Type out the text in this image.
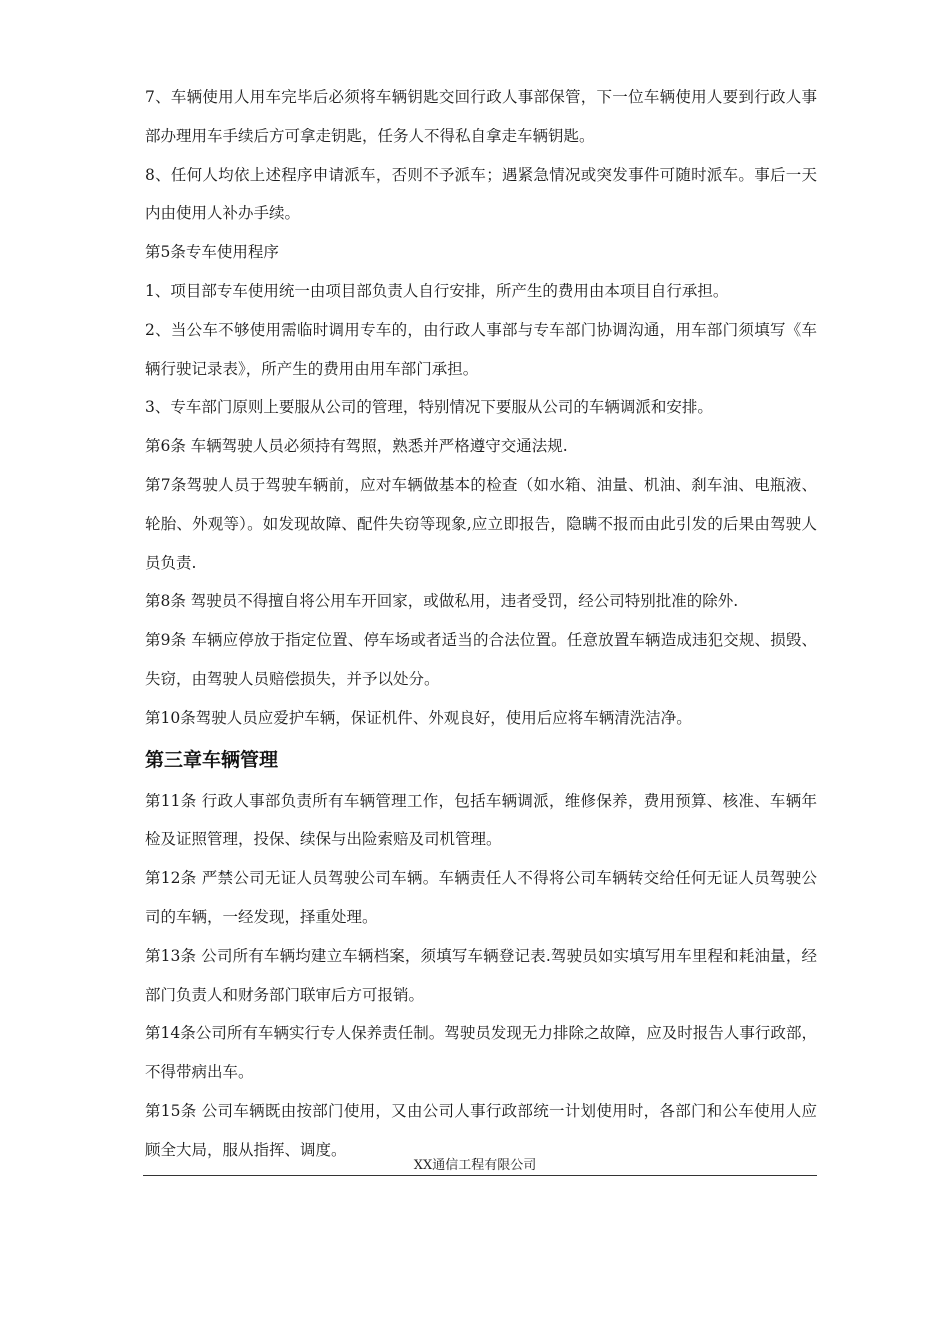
7、车辆使用人用车完毕后必须将车辆钥匙交回行政人事部保管，下一位车辆使用人要到行政人事部办理用车手续后方可拿走钥匙，任务人不得私自拿走车辆钥匙。

8、任何人均依上述程序申请派车，否则不予派车；遇紧急情况或突发事件可随时派车。事后一天内由使用人补办手续。

第5条专车使用程序

1、项目部专车使用统一由项目部负责人自行安排，所产生的费用由本项目自行承担。

2、当公车不够使用需临时调用专车的，由行政人事部与专车部门协调沟通，用车部门须填写《车辆行驶记录表》，所产生的费用由用车部门承担。

3、专车部门原则上要服从公司的管理，特别情况下要服从公司的车辆调派和安排。

第6条 车辆驾驶人员必须持有驾照，熟悉并严格遵守交通法规.

第7条驾驶人员于驾驶车辆前，应对车辆做基本的检查（如水箱、油量、机油、刹车油、电瓶液、轮胎、外观等）。如发现故障、配件失窃等现象,应立即报告，隐瞒不报而由此引发的后果由驾驶人员负责.

第8条 驾驶员不得擅自将公用车开回家，或做私用，违者受罚，经公司特别批准的除外.

第9条 车辆应停放于指定位置、停车场或者适当的合法位置。任意放置车辆造成违犯交规、损毁、失窃，由驾驶人员赔偿损失，并予以处分。

第10条驾驶人员应爱护车辆，保证机件、外观良好，使用后应将车辆清洗洁净。

第三章车辆管理

第11条 行政人事部负责所有车辆管理工作，包括车辆调派，维修保养，费用预算、核准、车辆年检及证照管理，投保、续保与出险索赔及司机管理。

第12条 严禁公司无证人员驾驶公司车辆。车辆责任人不得将公司车辆转交给任何无证人员驾驶公司的车辆，一经发现，择重处理。

第13条 公司所有车辆均建立车辆档案，须填写车辆登记表.驾驶员如实填写用车里程和耗油量，经部门负责人和财务部门联审后方可报销。

第14条公司所有车辆实行专人保养责任制。驾驶员发现无力排除之故障，应及时报告人事行政部，不得带病出车。

第15条 公司车辆既由按部门使用，又由公司人事行政部统一计划使用时，各部门和公车使用人应顾全大局，服从指挥、调度。

XX通信工程有限公司
